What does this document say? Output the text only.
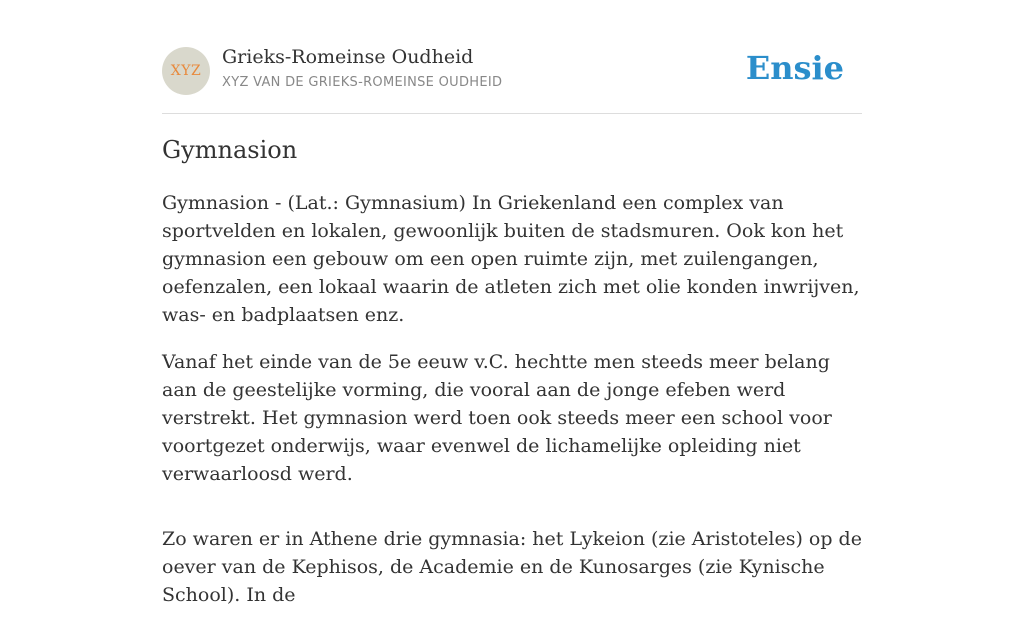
XYZ
Grieks-Romeinse Oudheid
XYZ VAN DE GRIEKS-ROMEINSE OUDHEID	Ensie
Gymnasion

Gymnasion - (Lat.: Gymnasium) In Griekenland een complex van sportvelden en lokalen, gewoonlijk buiten de stadsmuren. Ook kon het gymnasion een gebouw om een open ruimte zijn, met zuilengangen, oefenzalen, een lokaal waarin de atleten zich met olie konden inwrijven, was- en badplaatsen enz.

Vanaf het einde van de 5e eeuw v.C. hechtte men steeds meer belang aan de geestelijke vorming, die vooral aan de jonge efeben werd verstrekt. Het gymnasion werd toen ook steeds meer een school voor voortgezet onderwijs, waar evenwel de lichamelijke opleiding niet verwaarloosd werd.

Zo waren er in Athene drie gymnasia: het Lykeion (zie Aristoteles) op de oever van de Kephisos, de Academie en de Kunosarges (zie Kynische School). In de
